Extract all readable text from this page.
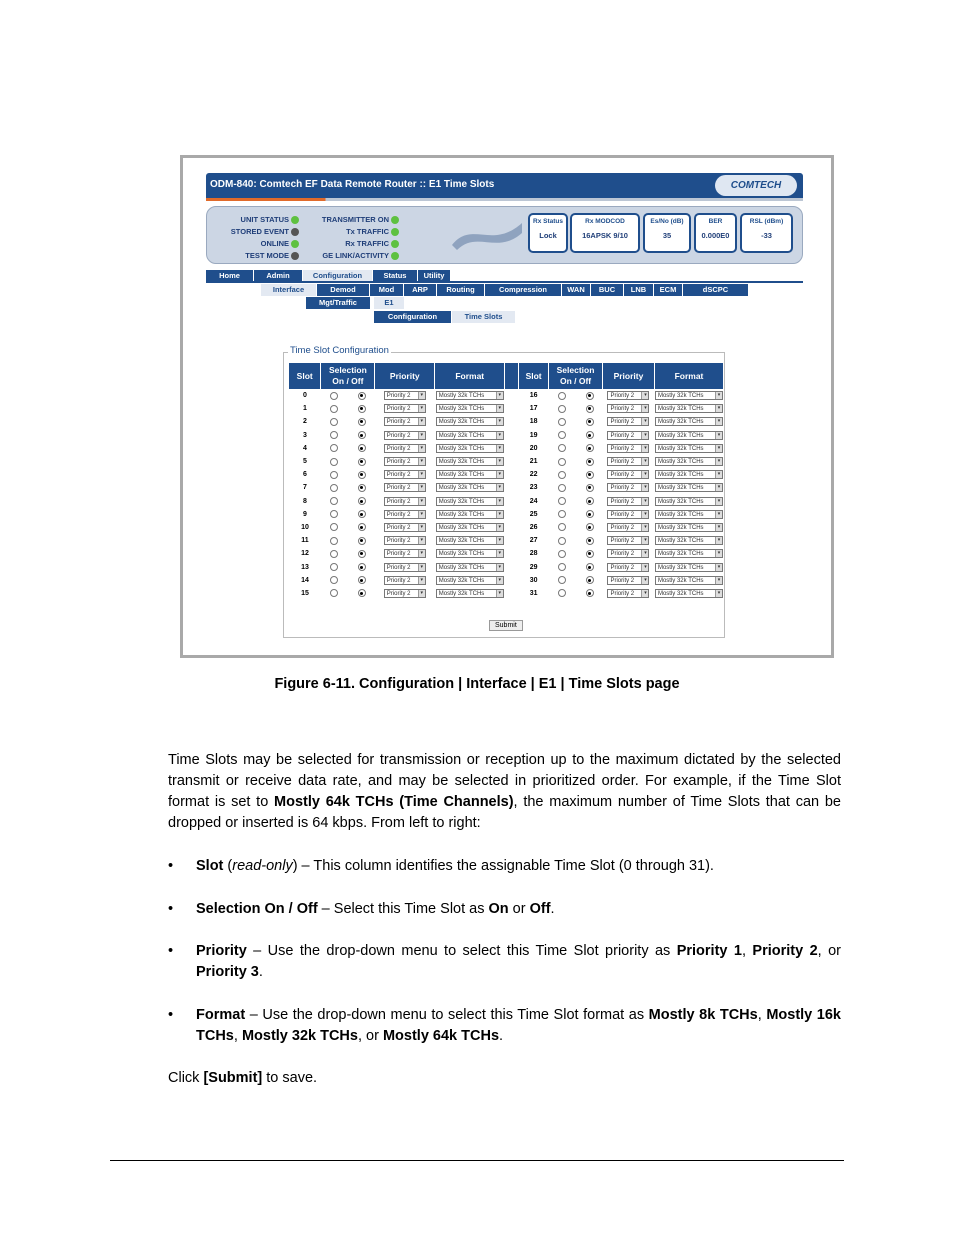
ODM-840: Comtech EF Data Remote Router :: E1 Time Slots	COMTECH
UNIT STATUS
STORED EVENT
ONLINE
TEST MODE
TRANSMITTER ON
Tx TRAFFIC
Rx TRAFFIC
GE LINK/ACTIVITY
Rx Status
Lock
Rx MODCOD
16APSK 9/10
Es/No (dB)
35
BER
0.000E0
RSL (dBm)
-33
Home	Admin	Configuration	Status	Utility
Interface	Demod	Mod	ARP	Routing	Compression	WAN	BUC	LNB	ECM	dSCPC
Mgt/Traffic	E1
Configuration	Time Slots
Time Slot Configuration
Slot	Selection
On / Off	Priority	Format		Slot	Selection
On / Off	Priority	Format
0		Priority 2 ▾	Mostly 32k TCHs ▾		16		Priority 2 ▾	Mostly 32k TCHs ▾

1		Priority 2 ▾	Mostly 32k TCHs ▾		17		Priority 2 ▾	Mostly 32k TCHs ▾

2		Priority 2 ▾	Mostly 32k TCHs ▾		18		Priority 2 ▾	Mostly 32k TCHs ▾

3		Priority 2 ▾	Mostly 32k TCHs ▾		19		Priority 2 ▾	Mostly 32k TCHs ▾

4		Priority 2 ▾	Mostly 32k TCHs ▾		20		Priority 2 ▾	Mostly 32k TCHs ▾

5		Priority 2 ▾	Mostly 32k TCHs ▾		21		Priority 2 ▾	Mostly 32k TCHs ▾

6		Priority 2 ▾	Mostly 32k TCHs ▾		22		Priority 2 ▾	Mostly 32k TCHs ▾

7		Priority 2 ▾	Mostly 32k TCHs ▾		23		Priority 2 ▾	Mostly 32k TCHs ▾

8		Priority 2 ▾	Mostly 32k TCHs ▾		24		Priority 2 ▾	Mostly 32k TCHs ▾

9		Priority 2 ▾	Mostly 32k TCHs ▾		25		Priority 2 ▾	Mostly 32k TCHs ▾

10		Priority 2 ▾	Mostly 32k TCHs ▾		26		Priority 2 ▾	Mostly 32k TCHs ▾

11		Priority 2 ▾	Mostly 32k TCHs ▾		27		Priority 2 ▾	Mostly 32k TCHs ▾

12		Priority 2 ▾	Mostly 32k TCHs ▾		28		Priority 2 ▾	Mostly 32k TCHs ▾

13		Priority 2 ▾	Mostly 32k TCHs ▾		29		Priority 2 ▾	Mostly 32k TCHs ▾

14		Priority 2 ▾	Mostly 32k TCHs ▾		30		Priority 2 ▾	Mostly 32k TCHs ▾

15		Priority 2 ▾	Mostly 32k TCHs ▾		31		Priority 2 ▾	Mostly 32k TCHs ▾
Submit
Figure 6-11. Configuration | Interface | E1 | Time Slots page
Time Slots may be selected for transmission or reception up to the maximum dictated by the selected transmit or receive data rate, and may be selected in prioritized order. For example, if the Time Slot format is set to Mostly 64k TCHs (Time Channels), the maximum number of Time Slots that can be dropped or inserted is 64 kbps. From left to right:
• Slot (read-only) – This column identifies the assignable Time Slot (0 through 31).
• Selection On / Off – Select this Time Slot as On or Off.
• Priority – Use the drop-down menu to select this Time Slot priority as Priority 1, Priority 2, or Priority 3.
• Format – Use the drop-down menu to select this Time Slot format as Mostly 8k TCHs, Mostly 16k TCHs, Mostly 32k TCHs, or Mostly 64k TCHs.
Click [Submit] to save.
